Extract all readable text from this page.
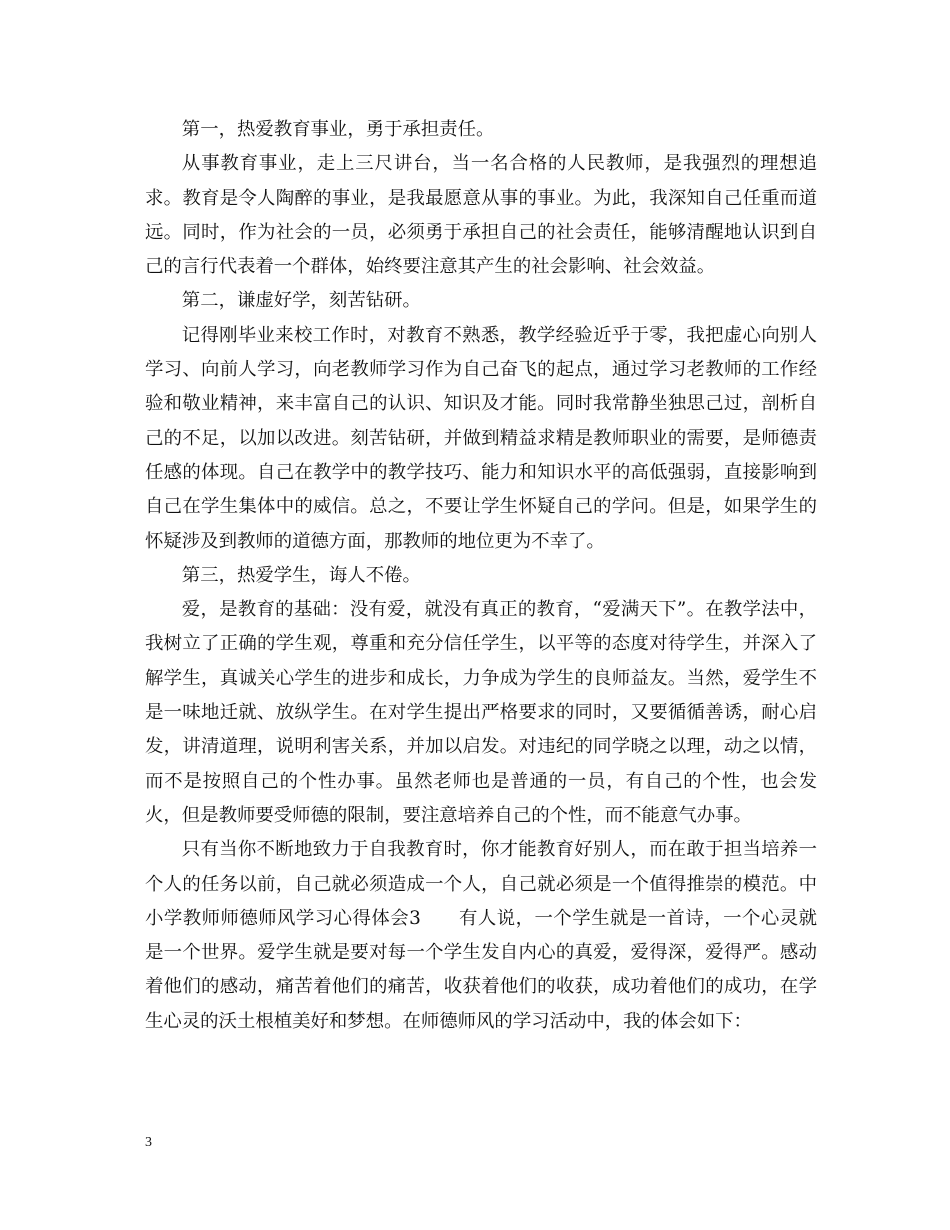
第一，热爱教育事业，勇于承担责任。

从事教育事业，走上三尺讲台，当一名合格的人民教师，是我强烈的理想追求。教育是令人陶醉的事业，是我最愿意从事的事业。为此，我深知自己任重而道远。同时，作为社会的一员，必须勇于承担自己的社会责任，能够清醒地认识到自己的言行代表着一个群体，始终要注意其产生的社会影响、社会效益。

第二，谦虚好学，刻苦钻研。

记得刚毕业来校工作时，对教育不熟悉，教学经验近乎于零，我把虚心向别人学习、向前人学习，向老教师学习作为自己奋飞的起点，通过学习老教师的工作经验和敬业精神，来丰富自己的认识、知识及才能。同时我常静坐独思己过，剖析自己的不足，以加以改进。刻苦钻研，并做到精益求精是教师职业的需要，是师德责任感的体现。自己在教学中的教学技巧、能力和知识水平的高低强弱，直接影响到自己在学生集体中的威信。总之，不要让学生怀疑自己的学问。但是，如果学生的怀疑涉及到教师的道德方面，那教师的地位更为不幸了。

第三，热爱学生，诲人不倦。

爱，是教育的基础：没有爱，就没有真正的教育，“爱满天下”。在教学法中，我树立了正确的学生观，尊重和充分信任学生，以平等的态度对待学生，并深入了解学生，真诚关心学生的进步和成长，力争成为学生的良师益友。当然，爱学生不是一味地迁就、放纵学生。在对学生提出严格要求的同时，又要循循善诱，耐心启发，讲清道理，说明利害关系，并加以启发。对违纪的同学晓之以理，动之以情，而不是按照自己的个性办事。虽然老师也是普通的一员，有自己的个性，也会发火，但是教师要受师德的限制，要注意培养自己的个性，而不能意气办事。

只有当你不断地致力于自我教育时，你才能教育好别人，而在敢于担当培养一个人的任务以前，自己就必须造成一个人，自己就必须是一个值得推崇的模范。中小学教师师德师风学习心得体会3　　有人说，一个学生就是一首诗，一个心灵就是一个世界。爱学生就是要对每一个学生发自内心的真爱，爱得深，爱得严。感动着他们的感动，痛苦着他们的痛苦，收获着他们的收获，成功着他们的成功，在学生心灵的沃土根植美好和梦想。在师德师风的学习活动中，我的体会如下：

3
